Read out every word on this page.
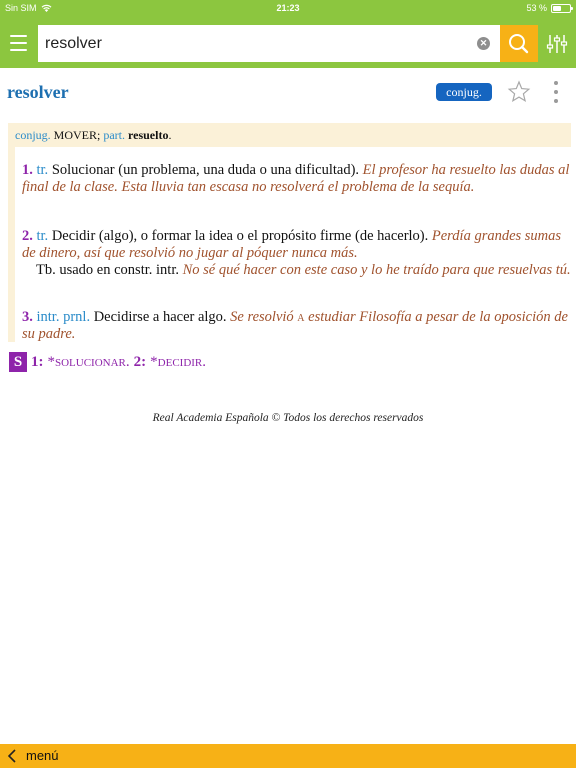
Sin SIM	21:23	53 %
resolver
✕
resolver	conjug.
conjug. MOVER; part. resuelto.
1. tr. Solucionar (un problema, una duda o una dificultad). El profesor ha resuelto las dudas al final de la clase. Esta lluvia tan escasa no resolverá el problema de la sequía.
2. tr. Decidir (algo), o formar la idea o el propósito firme (de hacerlo). Perdía grandes sumas de dinero, así que resolvió no jugar al póquer nunca más.
Tb. usado en constr. intr. No sé qué hacer con este caso y lo he traído para que resuelvas tú.
3. intr. prnl. Decidirse a hacer algo. Se resolvió a estudiar Filosofía a pesar de la oposición de su padre.
S 1: *solucionar. 2: *decidir.
Real Academia Española © Todos los derechos reservados
menú
